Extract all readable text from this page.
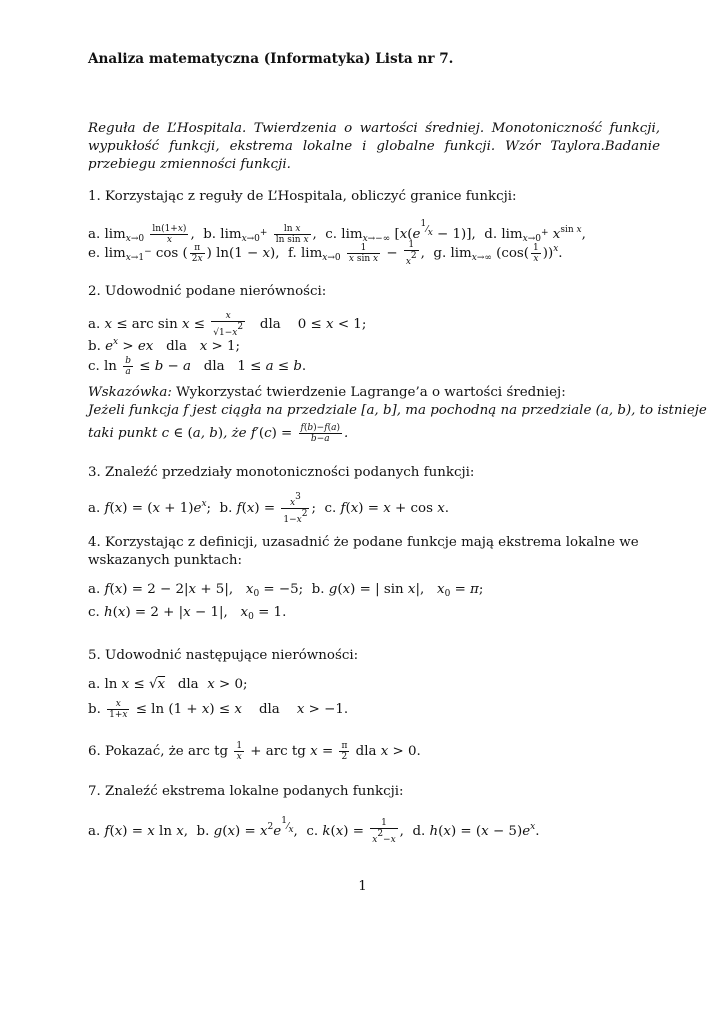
Analiza matematyczna (Informatyka) Lista nr 7.
Reguła de L’Hospitala. Twierdzenia o wartości średniej. Monotoniczność funkcji, wypukłość funkcji, ekstrema lokalne i globalne funkcji. Wzór Taylora.Badanie przebiegu zmienności funkcji.
1. Korzystając z reguły de L’Hospitala, obliczyć granice funkcji:
a. $\lim_{x\to 0} \frac{\ln(1+x)}{x}$ ,  b. $\lim_{x\to 0^+} \frac{\text{ln x}}{\text{ln sin x}}$ ,  c. $\lim_{x\to-\infty} [x(e^{^1⁄_x} - 1)]$,  d. $\lim_{x\to 0^+} x^{sin x}$,
e. $\lim_{x\to 1^-} \cos$ ( $\frac{\pi}{2x}$ ) ln(1 − x),  f. $\lim_{x\to 0} \frac{1}{\text{x sin x}} - \frac{1}{x^2}$ ,  g. $\lim_{x\to\infty} (\cos( \frac{1}{x} ))^x$.
2. Udowodnić podane nierówności:
a. x ≤ arc $\sin x \le \frac{x}{√1-x^2}$ dla    0 ≤ x < 1;
b. $e^x$ > ex   dla   x > 1;
c. $\ln \frac{b}{a} \le b - a$   dla   1 ≤ a ≤ b.
Wskazówka: Wykorzystać twierdzenie Lagrange’a o wartości średniej:
Jeżeli funkcja f jest ciągła na przedziale [a, b], ma pochodną na przedziale (a, b), to istnieje
taki punkt c ∈ (a, b), że $f'(c) = \frac{f(b)-f(a)}{b-a}$ .
3. Znaleźć przedziały monotoniczności podanych funkcji:
a. $f(x) = (x + 1)e^x$;  b. $f(x) = \frac{x^3}{1-x^2}$ ;  c. f(x) = x + cos x.
4. Korzystając z definicji, uzasadnić że podane funkcje mają ekstrema lokalne we wskazanych punktach:
a. f(x) = 2 − 2|x + 5|,   $x_0 = -5$;  b. g(x) = | sin x|,   $x_0 = \pi$;
c. h(x) = 2 + |x − 1|,   $x_0 = 1$.
5. Udowodnić następujące nierówności:
a. ln x ≤ √x   dla  x > 0;
b. $\frac{x}{1+x} \le \ln (1 + x) \le x$    dla    x > −1.
6. Pokazać, że arc tg $\frac{1}{x}$ + arc tg $x = \frac{\pi}{2}$ dla x > 0.
7. Znaleźć ekstrema lokalne podanych funkcji:
a. f(x) = x ln x,  b. $g(x) = x^2e^{^1⁄_x}$,  c. $k(x) = \frac{1}{x^2-x}$ ,  d. $h(x) = (x - 5)e^x$.
1
